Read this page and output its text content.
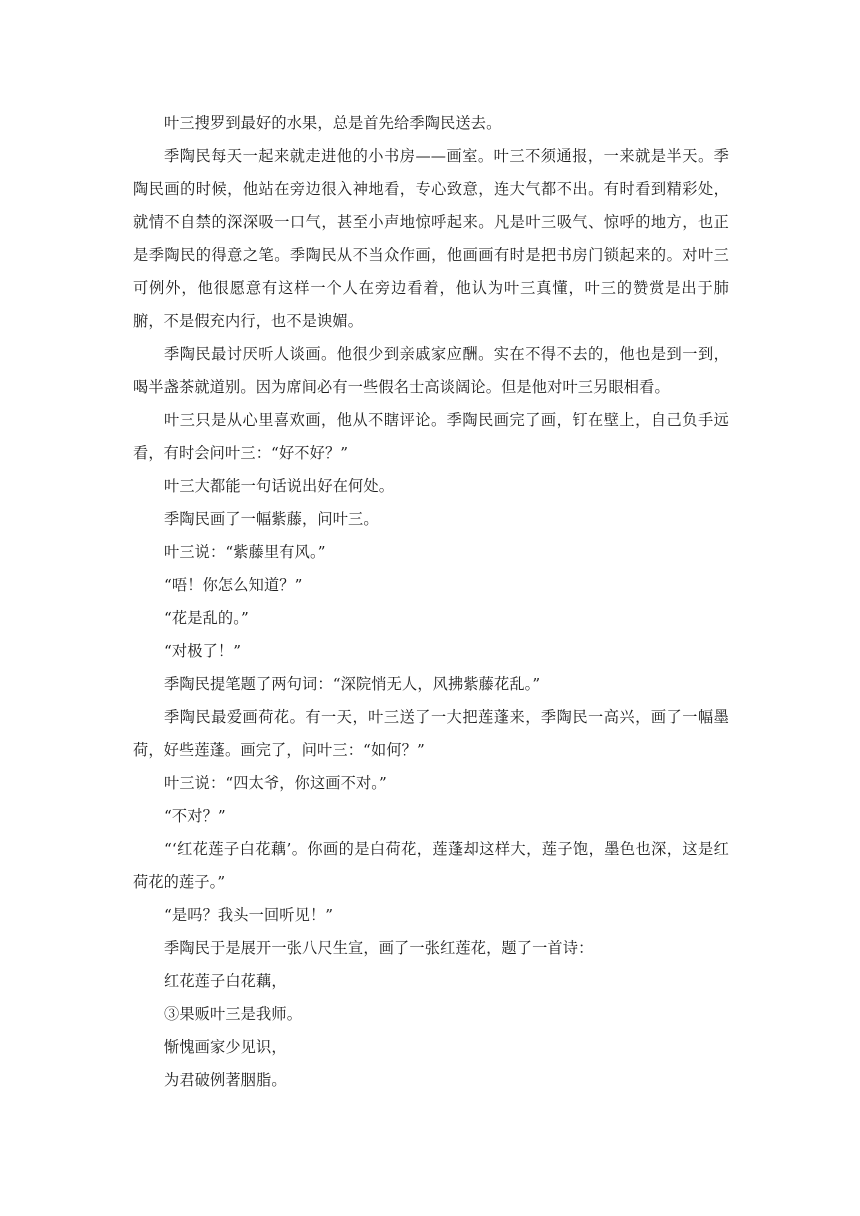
叶三搜罗到最好的水果，总是首先给季陶民送去。

季陶民每天一起来就走进他的小书房——画室。叶三不须通报，一来就是半天。季陶民画的时候，他站在旁边很入神地看，专心致意，连大气都不出。有时看到精彩处，就情不自禁的深深吸一口气，甚至小声地惊呼起来。凡是叶三吸气、惊呼的地方，也正是季陶民的得意之笔。季陶民从不当众作画，他画画有时是把书房门锁起来的。对叶三可例外，他很愿意有这样一个人在旁边看着，他认为叶三真懂，叶三的赞赏是出于肺腑，不是假充内行，也不是谀媚。

季陶民最讨厌听人谈画。他很少到亲戚家应酬。实在不得不去的，他也是到一到，喝半盏茶就道别。因为席间必有一些假名士高谈阔论。但是他对叶三另眼相看。

叶三只是从心里喜欢画，他从不瞎评论。季陶民画完了画，钉在壁上，自己负手远看，有时会问叶三：“好不好？”

叶三大都能一句话说出好在何处。

季陶民画了一幅紫藤，问叶三。

叶三说：“紫藤里有风。”

“唔！你怎么知道？”

“花是乱的。”

“对极了！”

季陶民提笔题了两句词：“深院悄无人，风拂紫藤花乱。”

季陶民最爱画荷花。有一天，叶三送了一大把莲蓬来，季陶民一高兴，画了一幅墨荷，好些莲蓬。画完了，问叶三：“如何？”

叶三说：“四太爷，你这画不对。”

“不对？”

“‘红花莲子白花藕’。你画的是白荷花，莲蓬却这样大，莲子饱，墨色也深，这是红荷花的莲子。”

“是吗？我头一回听见！”

季陶民于是展开一张八尺生宣，画了一张红莲花，题了一首诗：

红花莲子白花藕，

③果贩叶三是我师。

惭愧画家少见识，

为君破例著胭脂。
